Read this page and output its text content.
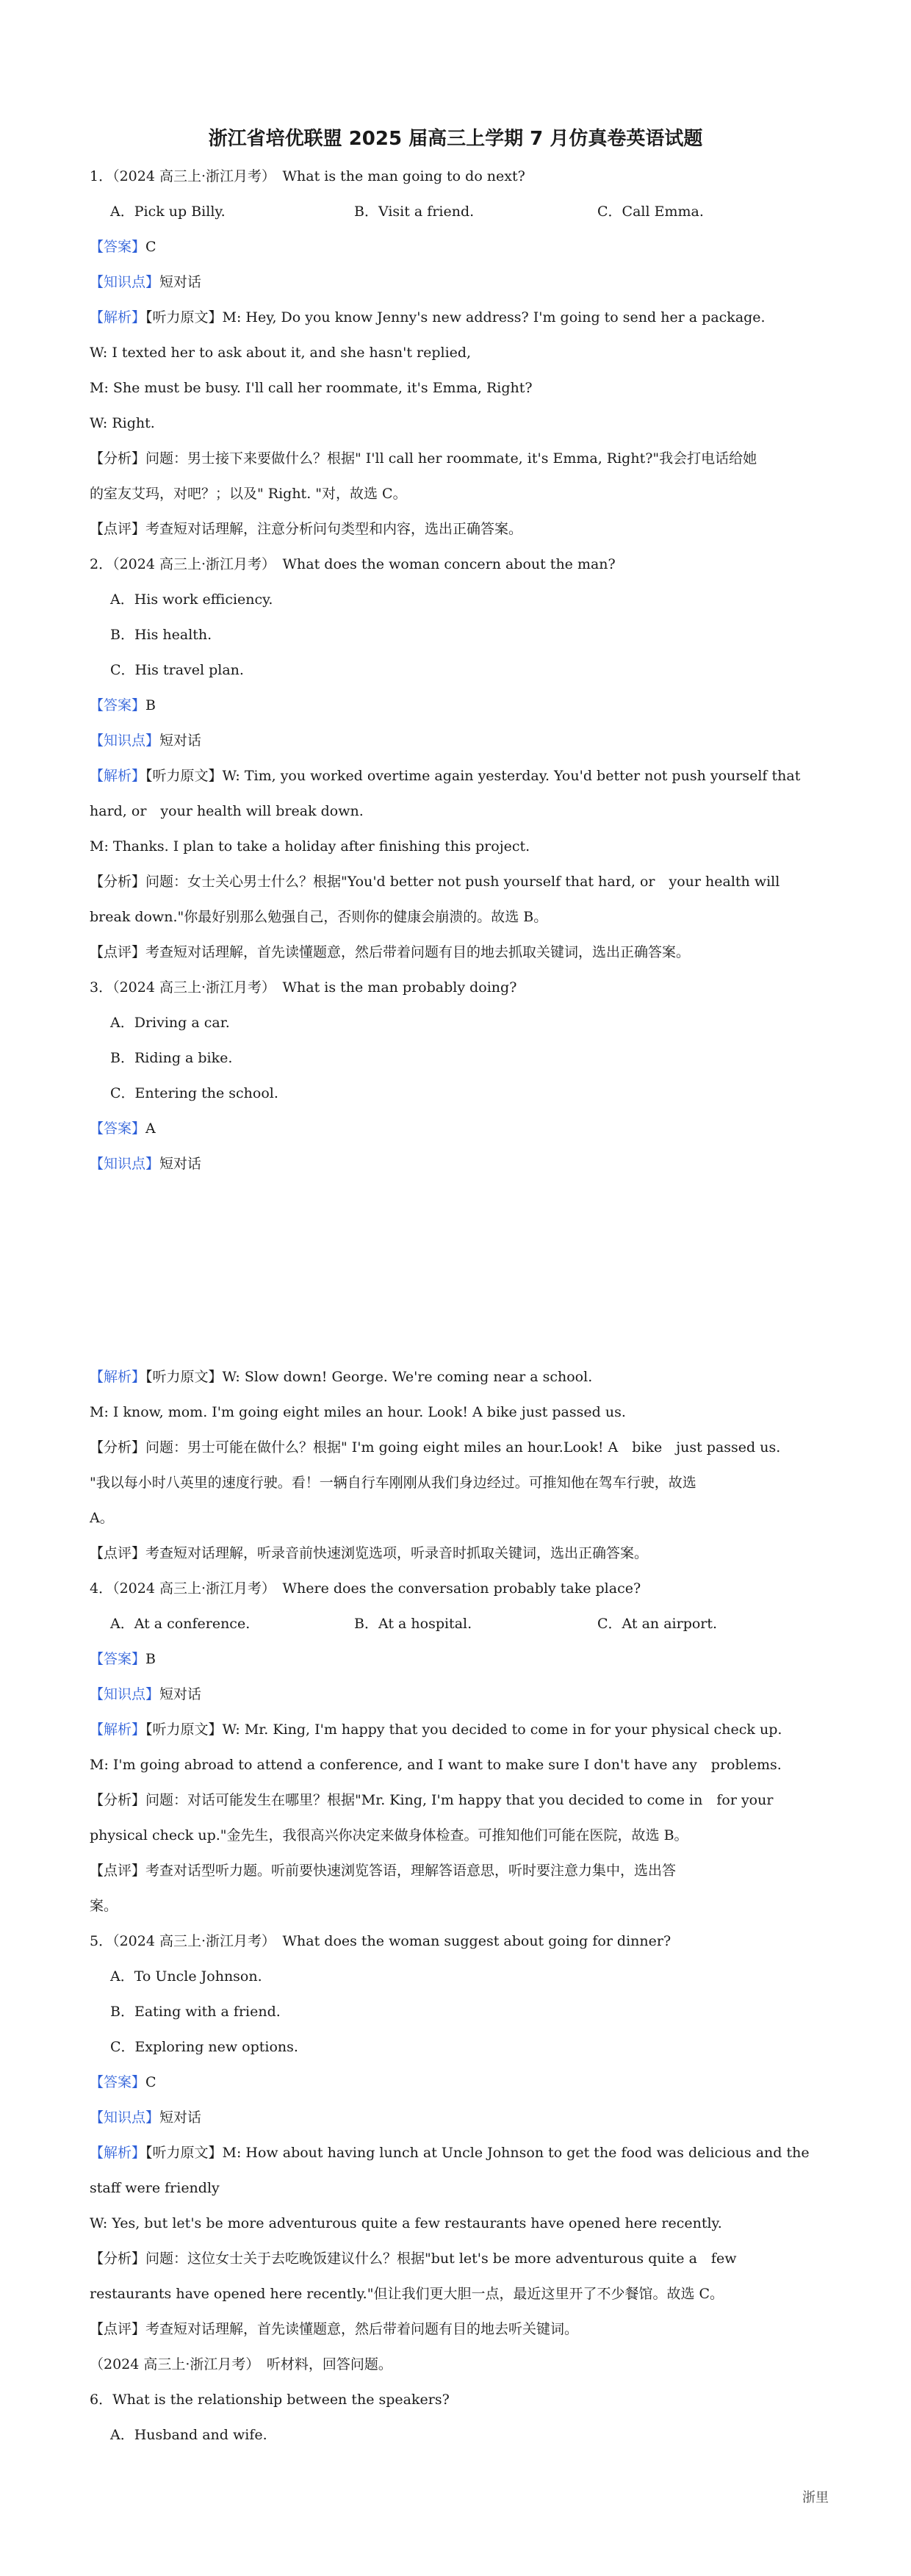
浙江省培优联盟 2025 届高三上学期 7 月仿真卷英语试题
1．（2024 高三上·浙江月考）　What is the man going to do next?
A．Pick up Billy.	B．Visit a friend.	C．Call Emma.
【答案】C
【知识点】短对话
【解析】【听力原文】M: Hey, Do you know Jenny's new address? I'm going to send her a package.
W: I texted her to ask about it, and she hasn't replied,
M: She must be busy. I'll call her roommate, it's Emma, Right?
W: Right.
【分析】问题：男士接下来要做什么？根据" I'll call her roommate, it's Emma, Right?"我会打电话给她
的室友艾玛，对吧？；以及" Right. "对，故选 C。
【点评】考查短对话理解，注意分析问句类型和内容，选出正确答案。
2．（2024 高三上·浙江月考）　What does the woman concern about the man?
A．His work efficiency.
B．His health.
C．His travel plan.
【答案】B
【知识点】短对话
【解析】【听力原文】W: Tim, you worked overtime again yesterday. You'd better not push yourself that
hard, or　your health will break down.
M: Thanks. I plan to take a holiday after finishing this project.
【分析】问题：女士关心男士什么？根据"You'd better not push yourself that hard, or　your health will
break down."你最好别那么勉强自己，否则你的健康会崩溃的。故选 B。
【点评】考查短对话理解，首先读懂题意，然后带着问题有目的地去抓取关键词，选出正确答案。
3．（2024 高三上·浙江月考）　What is the man probably doing?
A．Driving a car.
B．Riding a bike.
C．Entering the school.
【答案】A
【知识点】短对话
【解析】【听力原文】W: Slow down! George. We're coming near a school.
M: I know, mom. I'm going eight miles an hour. Look! A bike just passed us.
【分析】问题：男士可能在做什么？根据" I'm going eight miles an hour.Look! A　bike　just passed us.
"我以每小时八英里的速度行驶。看！一辆自行车刚刚从我们身边经过。可推知他在驾车行驶，故选
A。
【点评】考查短对话理解，听录音前快速浏览选项，听录音时抓取关键词，选出正确答案。
4．（2024 高三上·浙江月考）　Where does the conversation probably take place?
A．At a conference.	B．At a hospital.	C．At an airport.
【答案】B
【知识点】短对话
【解析】【听力原文】W: Mr. King, I'm happy that you decided to come in for your physical check up.
M: I'm going abroad to attend a conference, and I want to make sure I don't have any　problems.
【分析】问题：对话可能发生在哪里？根据"Mr. King, I'm happy that you decided to come in　for your
physical check up."金先生，我很高兴你决定来做身体检查。可推知他们可能在医院，故选 B。
【点评】考查对话型听力题。听前要快速浏览答语，理解答语意思，听时要注意力集中，选出答
案。
5．（2024 高三上·浙江月考）　What does the woman suggest about going for dinner?
A．To Uncle Johnson.
B．Eating with a friend.
C．Exploring new options.
【答案】C
【知识点】短对话
【解析】【听力原文】M: How about having lunch at Uncle Johnson to get the food was delicious and the
staff were friendly
W: Yes, but let's be more adventurous quite a few restaurants have opened here recently.
【分析】问题：这位女士关于去吃晚饭建议什么？根据"but let's be more adventurous quite a　few
restaurants have opened here recently."但让我们更大胆一点，最近这里开了不少餐馆。故选 C。
【点评】考查短对话理解，首先读懂题意，然后带着问题有目的地去听关键词。
（2024 高三上·浙江月考）　听材料，回答问题。
6．What is the relationship between the speakers?
A．Husband and wife.
浙里
